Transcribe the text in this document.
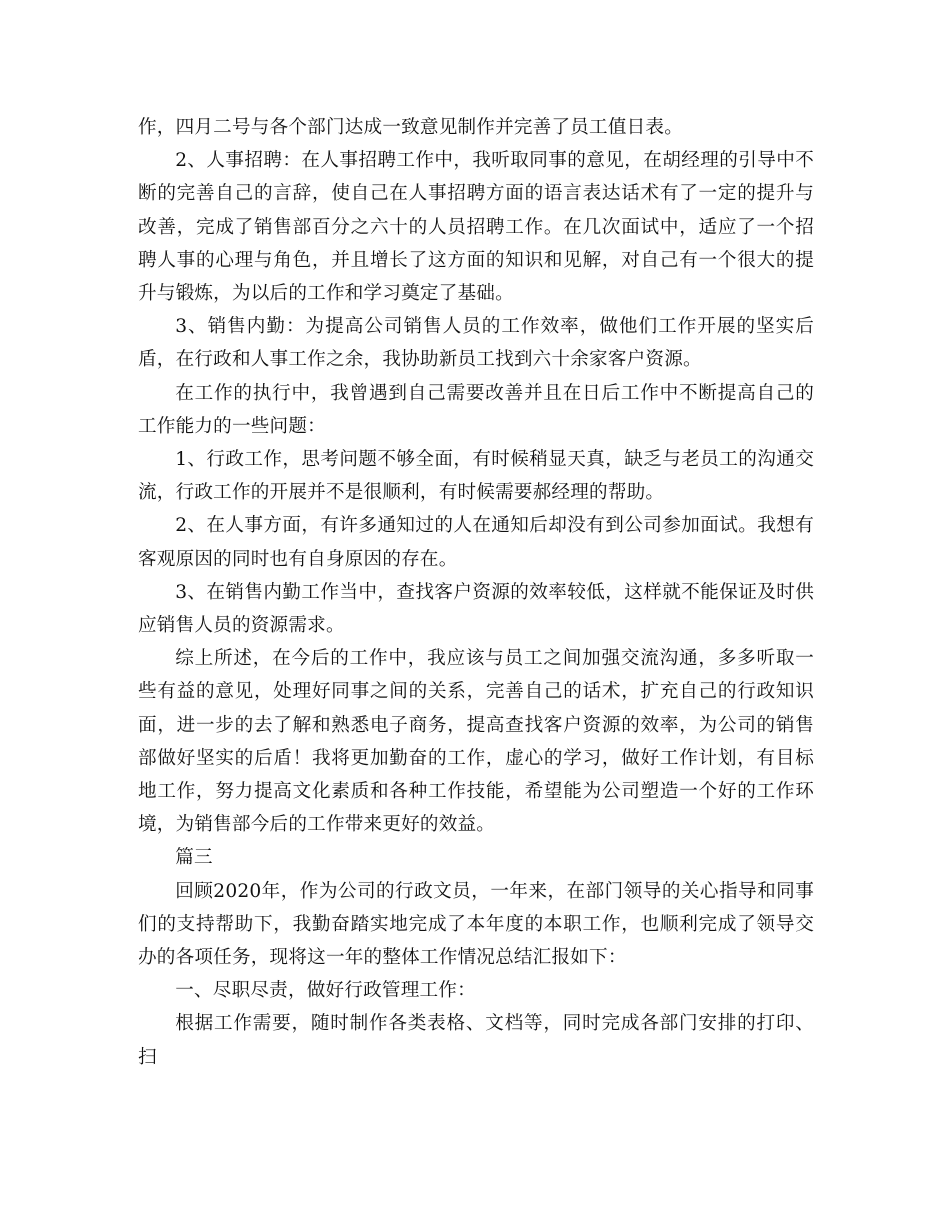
作，四月二号与各个部门达成一致意见制作并完善了员工值日表。

2、人事招聘：在人事招聘工作中，我听取同事的意见，在胡经理的引导中不断的完善自己的言辞，使自己在人事招聘方面的语言表达话术有了一定的提升与改善，完成了销售部百分之六十的人员招聘工作。在几次面试中，适应了一个招聘人事的心理与角色，并且增长了这方面的知识和见解，对自己有一个很大的提升与锻炼，为以后的工作和学习奠定了基础。

3、销售内勤：为提高公司销售人员的工作效率，做他们工作开展的坚实后盾，在行政和人事工作之余，我协助新员工找到六十余家客户资源。

在工作的执行中，我曾遇到自己需要改善并且在日后工作中不断提高自己的工作能力的一些问题：

1、行政工作，思考问题不够全面，有时候稍显天真，缺乏与老员工的沟通交流，行政工作的开展并不是很顺利，有时候需要郝经理的帮助。

2、在人事方面，有许多通知过的人在通知后却没有到公司参加面试。我想有客观原因的同时也有自身原因的存在。

3、在销售内勤工作当中，查找客户资源的效率较低，这样就不能保证及时供应销售人员的资源需求。

综上所述，在今后的工作中，我应该与员工之间加强交流沟通，多多听取一些有益的意见，处理好同事之间的关系，完善自己的话术，扩充自己的行政知识面，进一步的去了解和熟悉电子商务，提高查找客户资源的效率，为公司的销售部做好坚实的后盾！我将更加勤奋的工作，虚心的学习，做好工作计划，有目标地工作，努力提高文化素质和各种工作技能，希望能为公司塑造一个好的工作环境，为销售部今后的工作带来更好的效益。

篇三

回顾2020年，作为公司的行政文员，一年来，在部门领导的关心指导和同事们的支持帮助下，我勤奋踏实地完成了本年度的本职工作，也顺利完成了领导交办的各项任务，现将这一年的整体工作情况总结汇报如下：

一、尽职尽责，做好行政管理工作：

根据工作需要，随时制作各类表格、文档等，同时完成各部门安排的打印、扫
